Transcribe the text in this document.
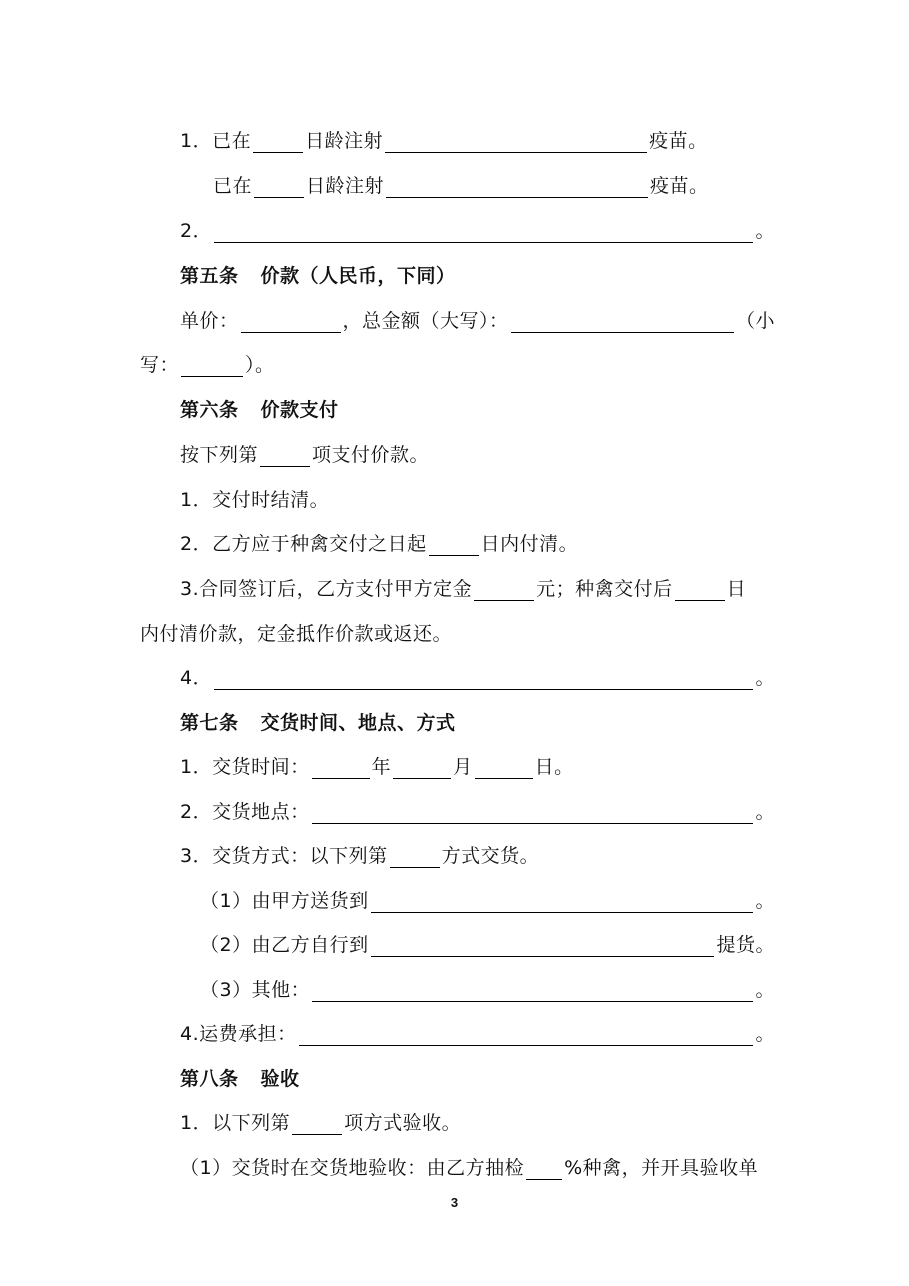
1． 已在	日龄注射	疫苗。
已在	日龄注射	疫苗。
2．	。
第五条 价款（人民币，下同）
单价：	，总金额（大写）：	（小
写：	）。
第六条 价款支付
按下列第	项支付价款。
1．交付时结清。
2．乙方应于种禽交付之日起	日内付清。
3.合同签订后，乙方支付甲方定金	元；种禽交付后	日
内付清价款，定金抵作价款或返还。
4．	。
第七条 交货时间、地点、方式
1．交货时间：	年	月	日。
2．交货地点：	。
3．交货方式：以下列第	方式交货。
（1）由甲方送货到	。
（2）由乙方自行到	提货。
（3）其他：	。
4.运费承担：	。
第八条 验收
1．以下列第	项方式验收。
（1）交货时在交货地验收：由乙方抽检 %种禽，并开具验收单
3
